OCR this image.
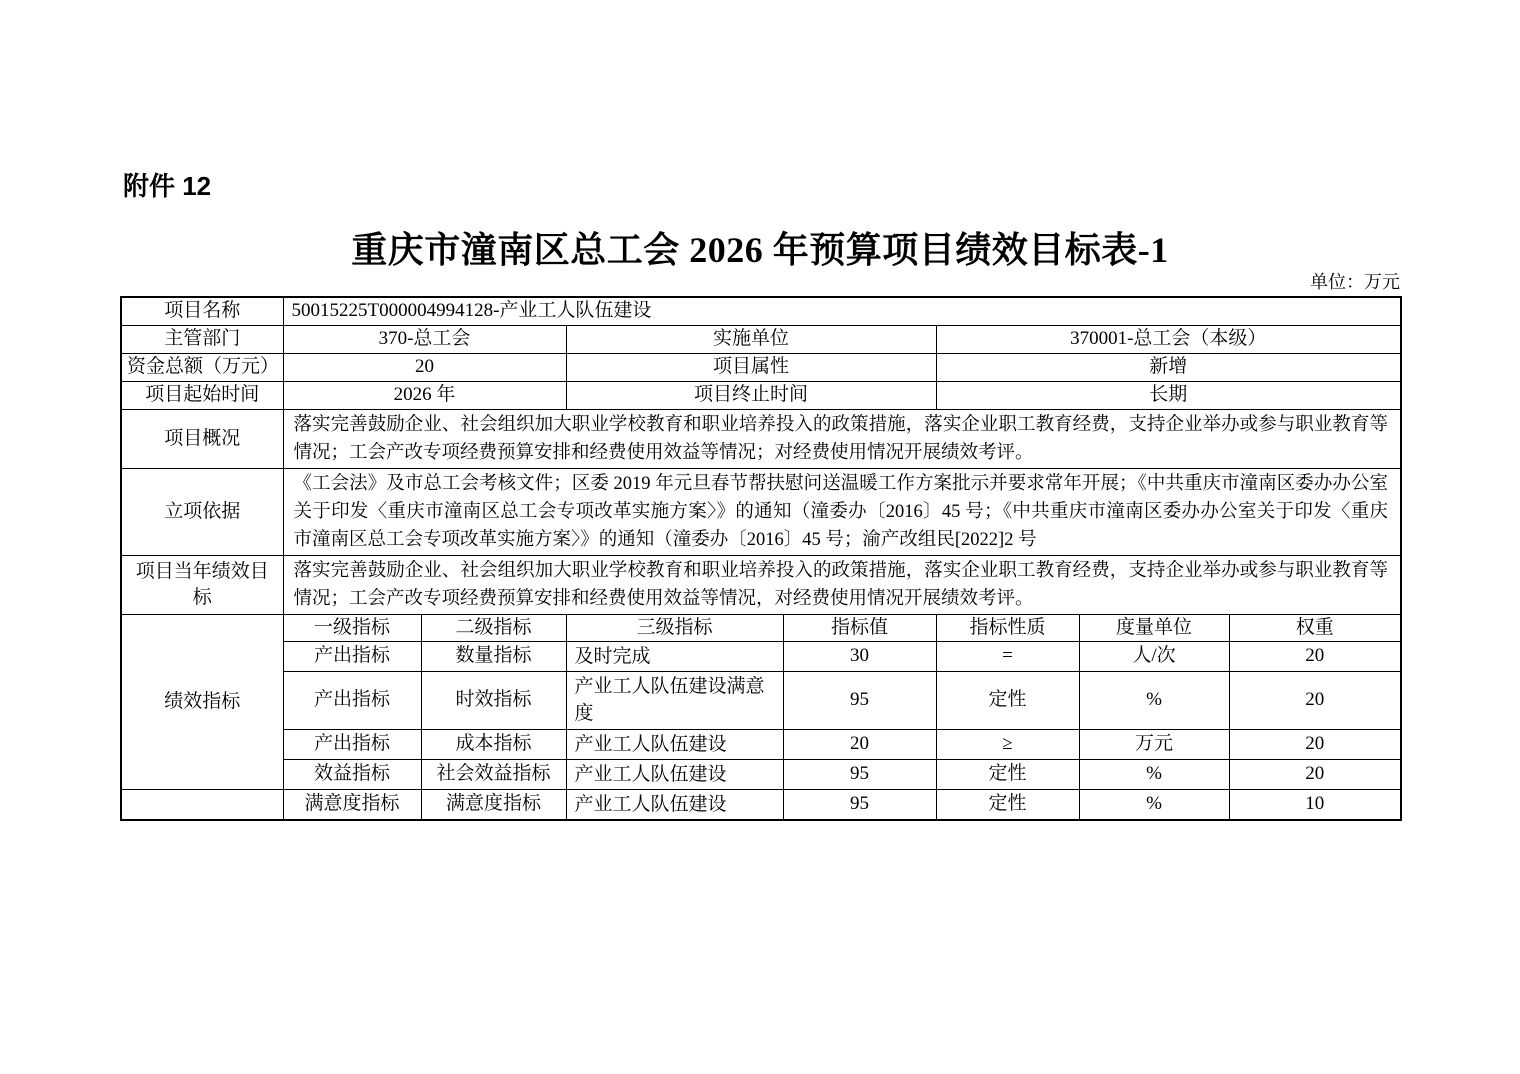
附件 12
重庆市潼南区总工会 2026 年预算项目绩效目标表-1
单位：万元
项目名称	50015225T000004994128-产业工人队伍建设						
主管部门	370-总工会		实施单位		370001-总工会（本级）		
资金总额（万元）	20		项目属性		新增		
项目起始时间	2026 年		项目终止时间		长期		
项目概况	落实完善鼓励企业、社会组织加大职业学校教育和职业培养投入的政策措施，落实企业职工教育经费，支持企业举办或参与职业教育等情况；工会产改专项经费预算安排和经费使用效益等情况；对经费使用情况开展绩效考评。						
立项依据	《工会法》及市总工会考核文件；区委 2019 年元旦春节帮扶慰问送温暖工作方案批示并要求常年开展；《中共重庆市潼南区委办办公室关于印发〈重庆市潼南区总工会专项改革实施方案〉》的通知（潼委办〔2016〕45 号；《中共重庆市潼南区委办办公室关于印发〈重庆市潼南区总工会专项改革实施方案〉》的通知（潼委办〔2016〕45 号；渝产改组民[2022]2 号						
项目当年绩效目标	落实完善鼓励企业、社会组织加大职业学校教育和职业培养投入的政策措施，落实企业职工教育经费，支持企业举办或参与职业教育等情况；工会产改专项经费预算安排和经费使用效益等情况，对经费使用情况开展绩效考评。						
绩效指标	一级指标	二级指标	三级指标	指标值	指标性质	度量单位	权重
	产出指标	数量指标	及时完成	30	=	人/次	20
	产出指标	时效指标	产业工人队伍建设满意度	95	定性	%	20
	产出指标	成本指标	产业工人队伍建设	20	≥	万元	20
	效益指标	社会效益指标	产业工人队伍建设	95	定性	%	20
	满意度指标	满意度指标	产业工人队伍建设	95	定性	%	10
